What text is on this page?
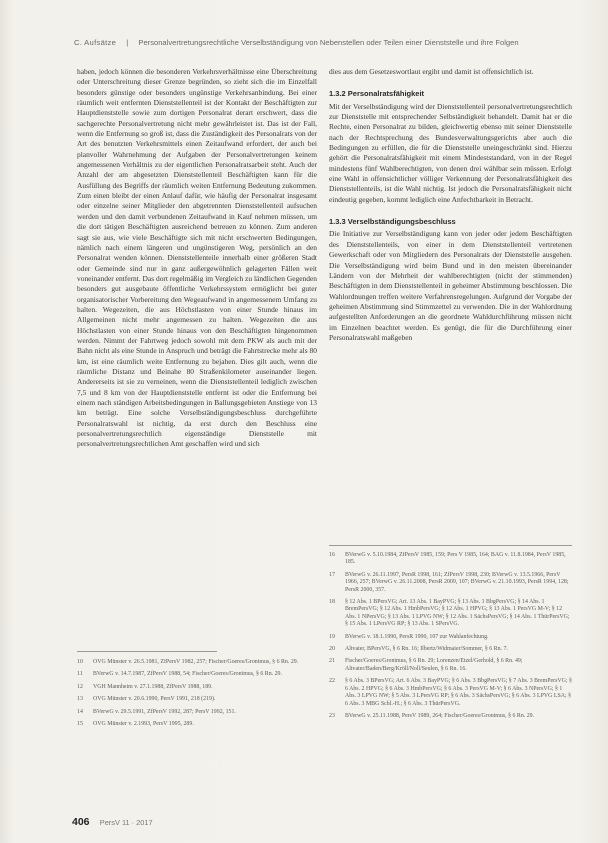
C. Aufsätze | Personalvertretungsrechtliche Verselbständigung von Nebenstellen oder Teilen einer Dienststelle und ihre Folgen

haben, jedoch können die besonderen Verkehrsverhältnisse eine Überschreitung oder Unterschreitung dieser Grenze begründen, so zieht sich die im Einzelfall besonders günstige oder besonders ungünstige Verkehrsanbindung. Bei einer räumlich weit entfernten Dienststellenteil ist der Kontakt der Beschäftigten zur Hauptdienststelle sowie zum dortigen Personalrat derart erschwert, dass die sachgerechte Personalvertretung nicht mehr gewährleistet ist. Das ist der Fall, wenn die Entfernung so groß ist, dass die Zuständigkeit des Personalrats von der Art des benutzten Verkehrsmittels einen Zeitaufwand erfordert, der auch bei planvoller Wahrnehmung der Aufgaben der Personalvertretungen keinem angemessenen Verhältnis zu der eigentlichen Personalratsarbeit steht. Auch der Anzahl der am abgesetzten Dienststellenteil Beschäftigten kann für die Ausfüllung des Begriffs der räumlich weiten Entfernung Bedeutung zukommen. Zum einen bleibt der einen Anlauf dafür, wie häufig der Personalrat insgesamt oder einzelne seiner Mitglieder den abgetrennten Dienststellenteil aufsuchen werden und den damit verbundenen Zeitaufwand in Kauf nehmen müssen, um die dort tätigen Beschäftigten ausreichend betreuen zu können. Zum anderen sagt sie aus, wie viele Beschäftigte sich mit nicht erschwerten Bedingungen, nämlich nach einem längeren und ungünstigeren Weg, persönlich an den Personalrat wenden können. Dienststellenteile innerhalb einer größeren Stadt oder Gemeinde sind nur in ganz außergewöhnlich gelagerten Fällen weit voneinander entfernt. Das dort regelmäßig im Vergleich zu ländlichen Gegenden besonders gut ausgebaute öffentliche Verkehrssystem ermöglicht bei guter organisatorischer Vorbereitung den Wegeaufwand in angemessenem Umfang zu halten. Wegezeiten, die aus Höchstlasten von einer Stunde hinaus im Allgemeinen nicht mehr angemessen zu halten. Wegezeiten die aus Höchstlasten von einer Stunde hinaus von den Beschäftigten hingenommen werden. Nimmt der Fahrtweg jedoch sowohl mit dem PKW als auch mit der Bahn nicht als eine Stunde in Anspruch und beträgt die Fahrtstrecke mehr als 80 km, ist eine räumlich weite Entfernung zu bejahen. Dies gilt auch, wenn die räumliche Distanz und Beinahe 80 Straßenkilometer auseinander liegen. Andererseits ist sie zu verneinen, wenn die Dienststellenteil lediglich zwischen 7,5 und 8 km von der Hauptdienststelle entfernt ist oder die Entfernung bei einem nach ständigen Arbeitsbedingungen in Ballungsgebieten Anstiege von 13 km beträgt. Eine solche Verselbständigungsbeschluss durchgeführte Personalratswahl ist nichtig, da erst durch den Beschluss eine personalvertretungsrechtlich eigenständige Dienststelle mit personalvertretungsrechtlichen Amt geschaffen wird und sich

dies aus dem Gesetzeswortlaut ergibt und damit ist offensichtlich ist.

1.3.2 Personalratsfähigkeit

Mit der Verselbständigung wird der Dienststellenteil personalvertretungsrechtlich zur Dienststelle mit entsprechender Selbständigkeit behandelt. Damit hat er die Rechte, einen Personalrat zu bilden, gleichwertig ebenso mit seiner Dienststelle nach der Rechtsprechung des Bundesverwaltungsgerichts aber auch die Bedingungen zu erfüllen, die für die Dienststelle uneingeschränkt sind. Hierzu gehört die Personalratsfähigkeit mit einem Mindeststandard, von in der Regel mindestens fünf Wahlberechtigten, von denen drei wählbar sein müssen. Erfolgt eine Wahl in offensichtlicher völliger Verkennung der Personalratsfähigkeit des Dienststellenteils, ist die Wahl nichtig. Ist jedoch die Personalratsfähigkeit nicht eindeutig gegeben, kommt lediglich eine Anfechtbarkeit in Betracht.

1.3.3 Verselbständigungsbeschluss

Die Initiative zur Verselbständigung kann von jeder oder jedem Beschäftigten des Dienststellenteils, von einer in dem Dienststellenteil vertretenen Gewerkschaft oder von Mitgliedern des Personalrats der Dienststelle ausgehen. Die Verselbständigung wird beim Bund und in den meisten übereinander Ländern von der Mehrheit der wahlberechtigten (nicht der stimmenden) Beschäftigten in dem Dienststellenteil in geheimer Abstimmung beschlossen. Die Wahlordnungen treffen weitere Verfahrensregelungen. Aufgrund der Vorgabe der geheimen Abstimmung sind Stimmzettel zu verwenden. Die in der Wahlordnung aufgestellten Anforderungen an die geordnete Wahldurchführung müssen nicht im Einzelnen beachtet werden. Es genügt, die für die Durchführung einer Personalratswahl maßgeben

10	OVG Münster v. 26.5.1981, ZfPersV 1982, 257; Fischer/Goeres/Gronimus, § 6 Rn. 29.
11	BVerwG v. 14.7.1987, ZfPersV 1988, 54; Fischer/Goeres/Gronimus, § 6 Rn. 29.
12	VGH Mannheim v. 27.1.1988, ZfPersV 1988, 189.
13	OVG Münster v. 20.6.1990, PersV 1991, 218 (219).
14	BVerwG v. 29.5.1991, ZfPersV 1992, 287; PersV 1992, 151.
15	OVG Münster v. 2.1993, PersV 1995, 289.
16	BVerwG v. 5.10.1984, ZfPersV 1985, 159; Pers V 1985, 164; BAG v. 11.8.1984, PersV 1985, 185.
17	BVerwG v. 26.11.1997, PersR 1998, 161; ZfPersV 1998, 230; BVerwG v. 13.5.1966, PersV 1966, 257; BVerwG v. 26.11.2008, PersR 2009, 107; BVerwG v. 21.10.1993, PersR 1994, 128; PersR 2000, 357.
18	§ 12 Abs. 1 BPersVG; Art. 13 Abs. 1 BayPVG; § 13 Abs. 1 BbgPersVG; § 14 Abs. 1 BremPersVG; § 12 Abs. 1 HmbPersVG; § 12 Abs. 1 HPVG; § 13 Abs. 1 PersVG M-V; § 12 Abs. 1 NPersVG; § 13 Abs. 1 LPVG NW; § 12 Abs. 1 SächsPersVG; § 14 Abs. 1 ThürPersVG; § 15 Abs. 1 LPersVG RP; § 13 Abs. 1 SPersVG.
19	BVerwG v. 18.1.1990, PersR 1990, 107 zur Wahlanfechtung.
20	Altvater, BPersVG, § 6 Rn. 16; Ilbertz/Widmaier/Sommer, § 6 Rn. 7.
21	Fischer/Goeres/Gronimus, § 6 Rn. 29; Lorenzen/Etzel/Gerhold, § 6 Rn. 49; Altvater/Baden/Berg/Kröll/Noll/Seulen, § 6 Rn. 16.
22	§ 6 Abs. 3 BPersVG; Art. 6 Abs. 3 BayPVG; § 6 Abs. 3 BbgPersVG; § 7 Abs. 3 BremPersVG; § 6 Abs. 2 HPVG; § 6 Abs. 3 HmbPersVG; § 6 Abs. 3 PersVG M-V; § 6 Abs. 3 NPersVG; § 1 Abs. 3 LPVG NW; § 5 Abs. 3 LPersVG RP; § 6 Abs. 3 SächsPersVG; § 6 Abs. 3 LPVG LSA; § 6 Abs. 3 MBG Schl.-H.; § 6 Abs. 3 ThürPersVG.
23	BVerwG v. 25.11.1988, PersV 1989, 264; Fischer/Goeres/Gronimus, § 6 Rn. 29.
406 PersV 11 · 2017
